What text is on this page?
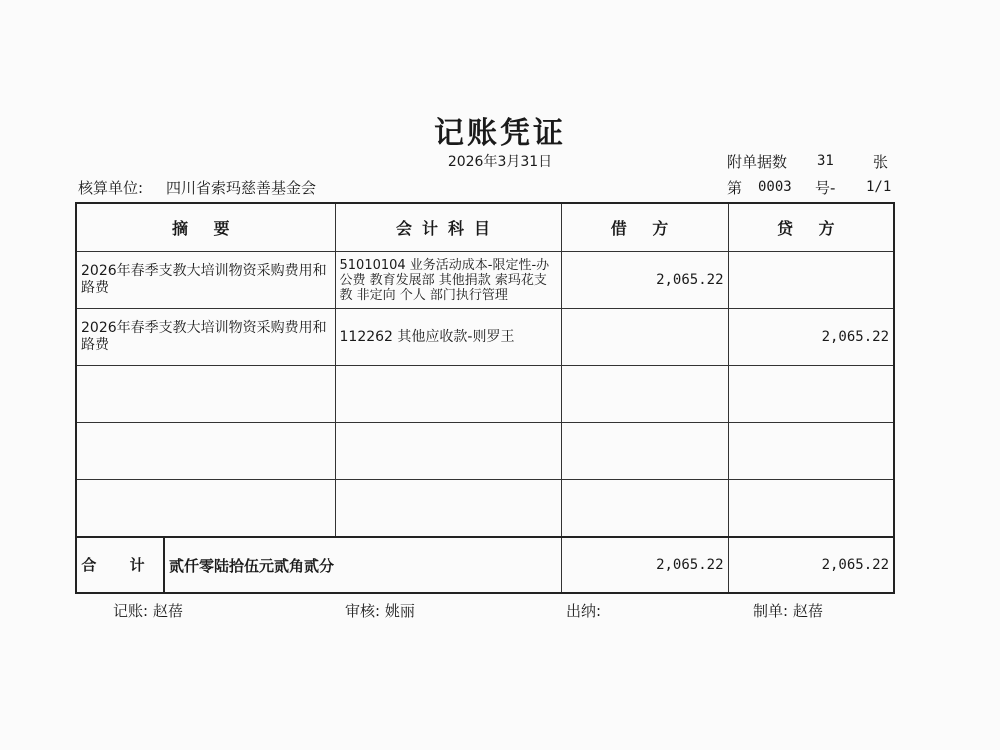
记账凭证
2026年3月31日	附单据数 31	张
核算单位: 四川省索玛慈善基金会	第 0003 号- 1/1
摘 要	会计科目	借 方	贷 方
2026年春季支教大培训物资采购费用和路费	51010104 业务活动成本-限定性-办公费 教育发展部 其他捐款 索玛花支教 非定向 个人 部门执行管理	2,065.22	
2026年春季支教大培训物资采购费用和路费	112262 其他应收款-则罗王		2,065.22

合 计 贰仟零陆拾伍元贰角贰分		2,065.22	2,065.22
记账: 赵蓓	审核: 姚丽	出纳:	制单: 赵蓓
